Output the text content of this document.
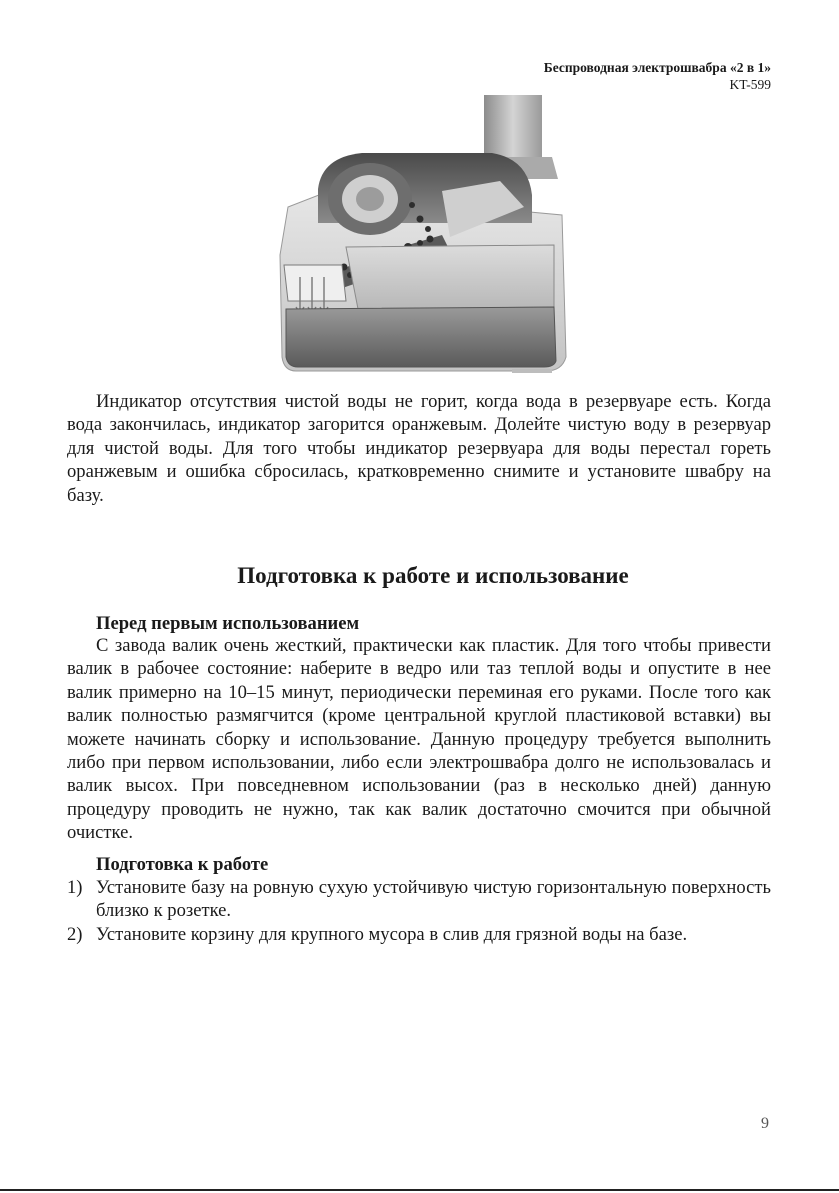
Беспроводная электрошвабра «2 в 1»
KT-599
Индикатор отсутствия чистой воды не горит, когда вода в резервуаре есть. Когда вода закончилась, индикатор загорится оранжевым. Долейте чистую воду в резервуар для чистой воды. Для того чтобы индикатор резервуара для воды перестал гореть оранжевым и ошибка сбросилась, кратковременно снимите и установите швабру на базу.
Подготовка к работе и использование
Перед первым использованием
С завода валик очень жесткий, практически как пластик. Для того чтобы привести валик в рабочее состояние: наберите в ведро или таз теплой воды и опустите в нее валик примерно на 10–15 минут, периодически переминая его руками. После того как валик полностью размягчится (кроме центральной круглой пластиковой вставки) вы можете начинать сборку и использование. Данную процедуру требуется выполнить либо при первом использовании, либо если электрошвабра долго не использовалась и валик высох. При повседневном использовании (раз в несколько дней) данную процедуру проводить не нужно, так как валик достаточно смочится при обычной очистке.
Подготовка к работе
1) Установите базу на ровную сухую устойчивую чистую горизонтальную поверхность близко к розетке.
2) Установите корзину для крупного мусора в слив для грязной воды на базе.
9
